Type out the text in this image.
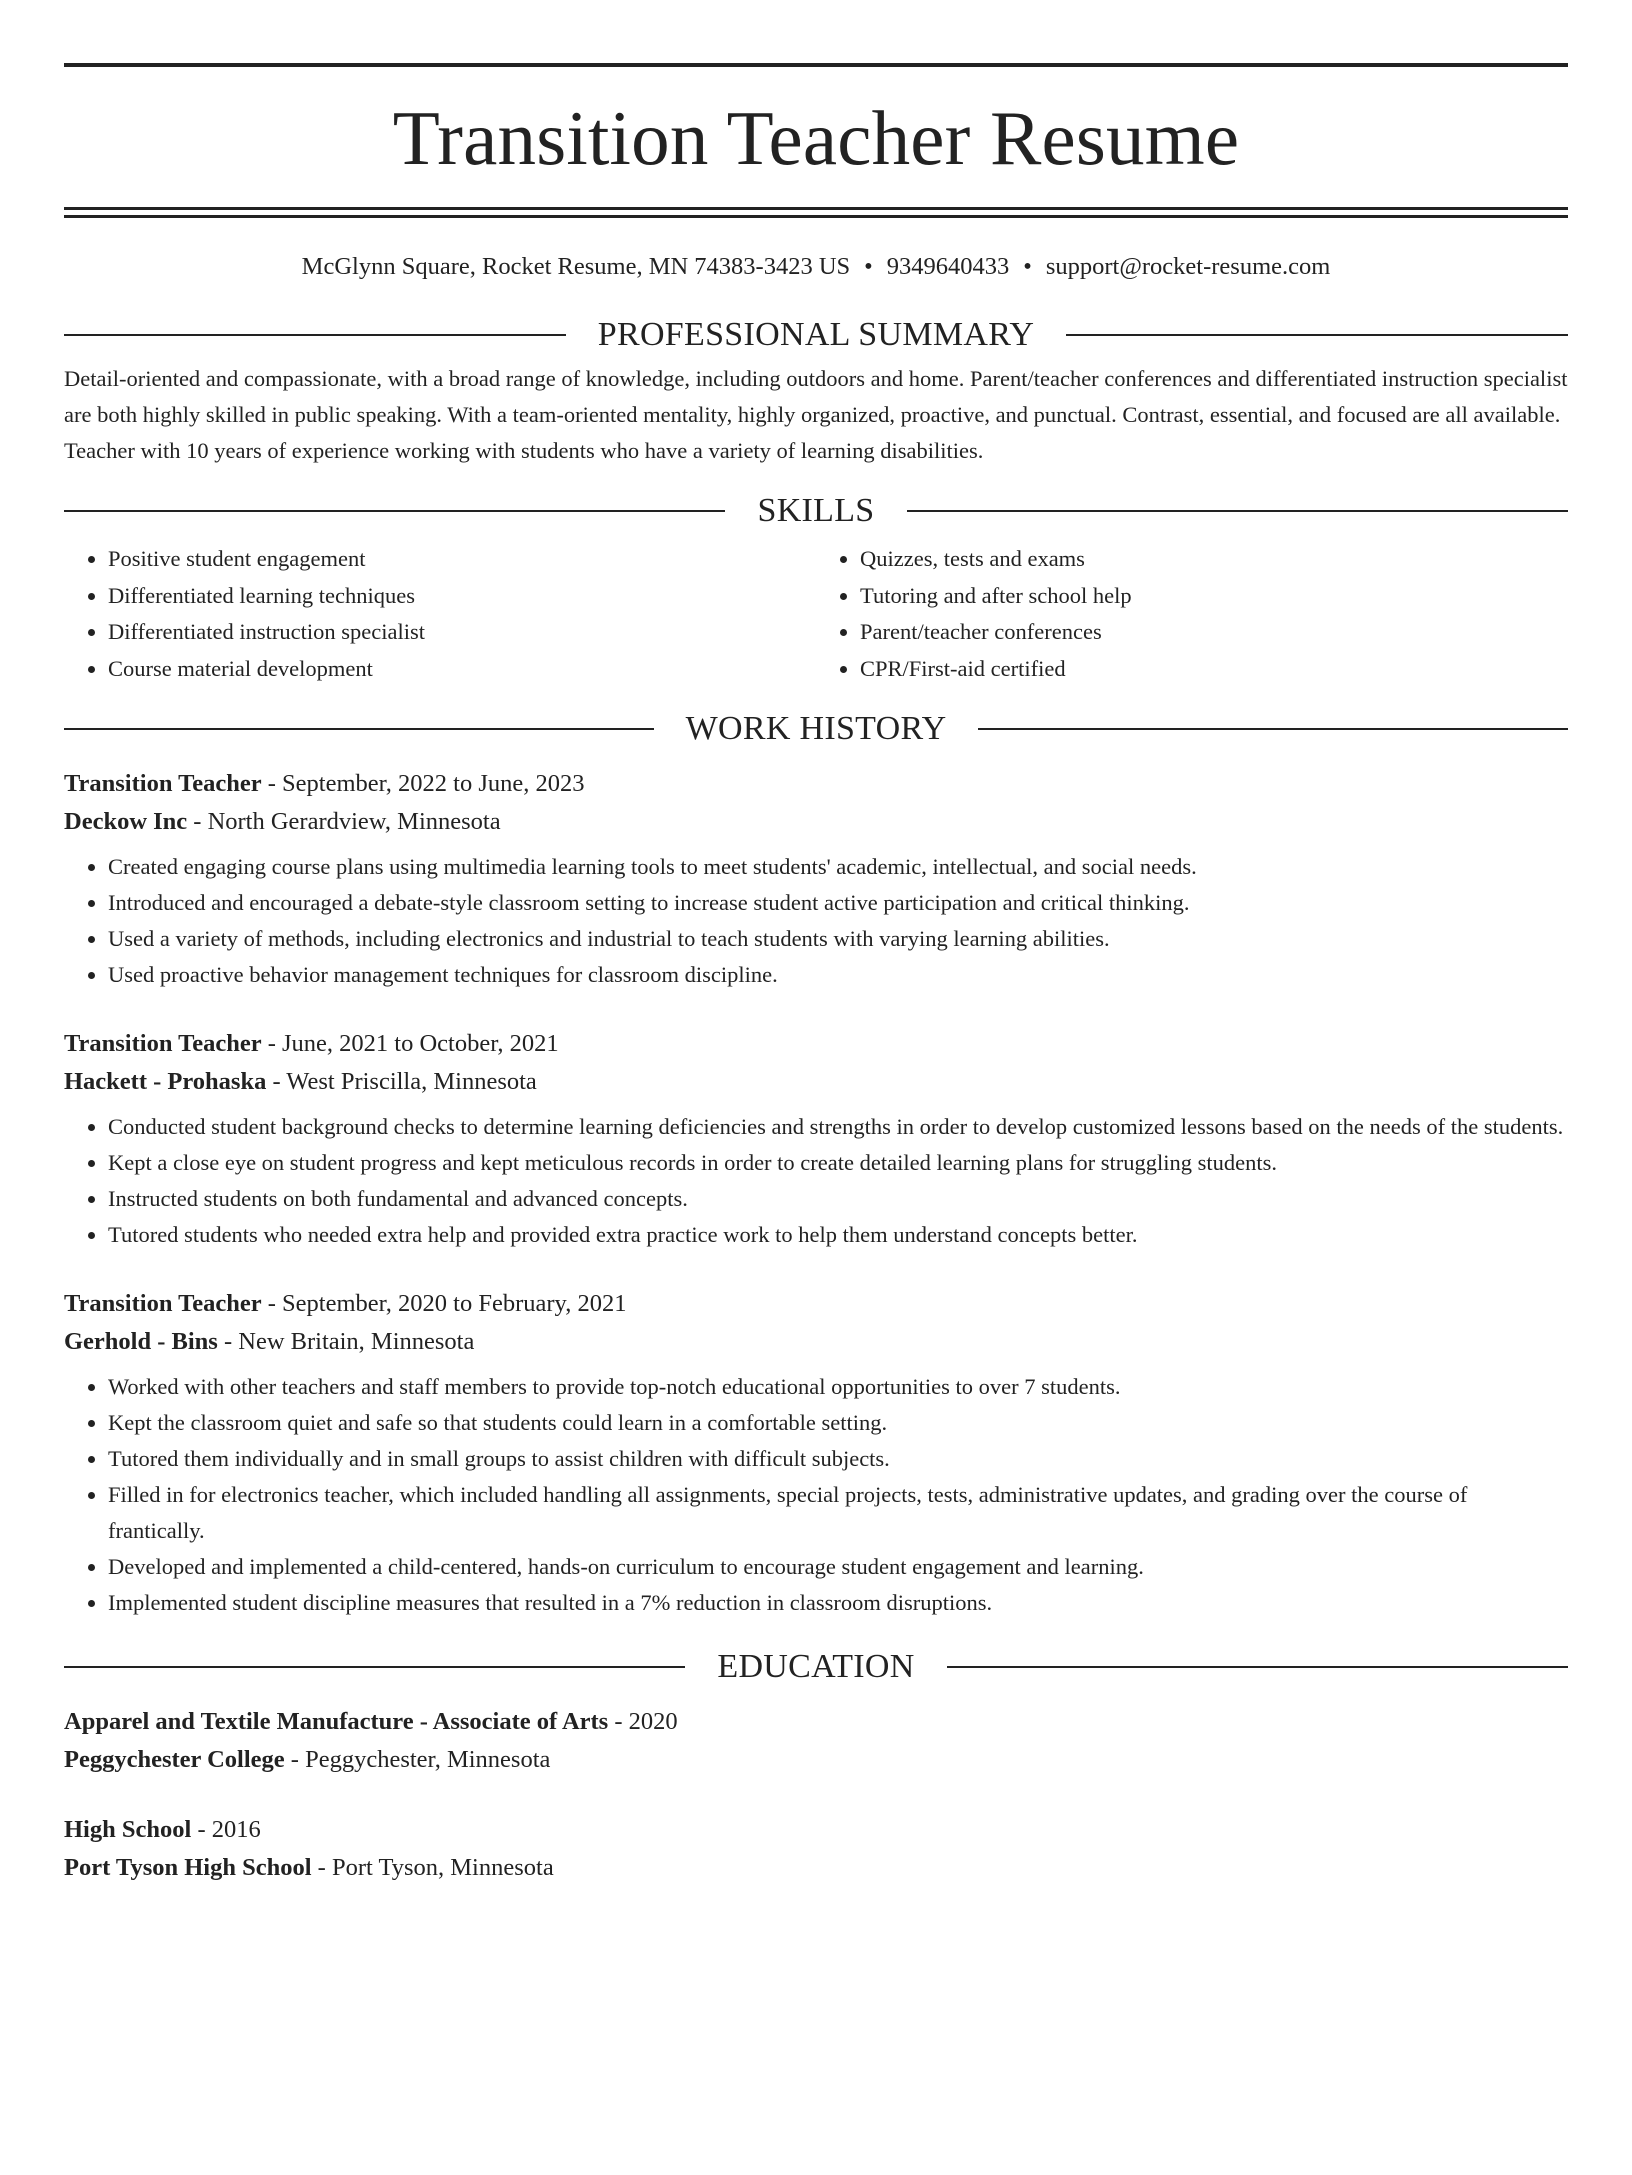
Transition Teacher Resume
McGlynn Square, Rocket Resume, MN 74383-3423 US • 9349640433 • support@rocket-resume.com
PROFESSIONAL SUMMARY
Detail-oriented and compassionate, with a broad range of knowledge, including outdoors and home. Parent/teacher conferences and differentiated instruction specialist are both highly skilled in public speaking. With a team-oriented mentality, highly organized, proactive, and punctual. Contrast, essential, and focused are all available. Teacher with 10 years of experience working with students who have a variety of learning disabilities.
SKILLS
• Positive student engagement
• Differentiated learning techniques
• Differentiated instruction specialist
• Course material development
• Quizzes, tests and exams
• Tutoring and after school help
• Parent/teacher conferences
• CPR/First-aid certified
WORK HISTORY
Transition Teacher - September, 2022 to June, 2023
Deckow Inc - North Gerardview, Minnesota
• Created engaging course plans using multimedia learning tools to meet students' academic, intellectual, and social needs.
• Introduced and encouraged a debate-style classroom setting to increase student active participation and critical thinking.
• Used a variety of methods, including electronics and industrial to teach students with varying learning abilities.
• Used proactive behavior management techniques for classroom discipline.
Transition Teacher - June, 2021 to October, 2021
Hackett - Prohaska - West Priscilla, Minnesota
• Conducted student background checks to determine learning deficiencies and strengths in order to develop customized lessons based on the needs of the students.
• Kept a close eye on student progress and kept meticulous records in order to create detailed learning plans for struggling students.
• Instructed students on both fundamental and advanced concepts.
• Tutored students who needed extra help and provided extra practice work to help them understand concepts better.
Transition Teacher - September, 2020 to February, 2021
Gerhold - Bins - New Britain, Minnesota
• Worked with other teachers and staff members to provide top-notch educational opportunities to over 7 students.
• Kept the classroom quiet and safe so that students could learn in a comfortable setting.
• Tutored them individually and in small groups to assist children with difficult subjects.
• Filled in for electronics teacher, which included handling all assignments, special projects, tests, administrative updates, and grading over the course of frantically.
• Developed and implemented a child-centered, hands-on curriculum to encourage student engagement and learning.
• Implemented student discipline measures that resulted in a 7% reduction in classroom disruptions.
EDUCATION
Apparel and Textile Manufacture - Associate of Arts - 2020
Peggychester College - Peggychester, Minnesota
High School - 2016
Port Tyson High School - Port Tyson, Minnesota
